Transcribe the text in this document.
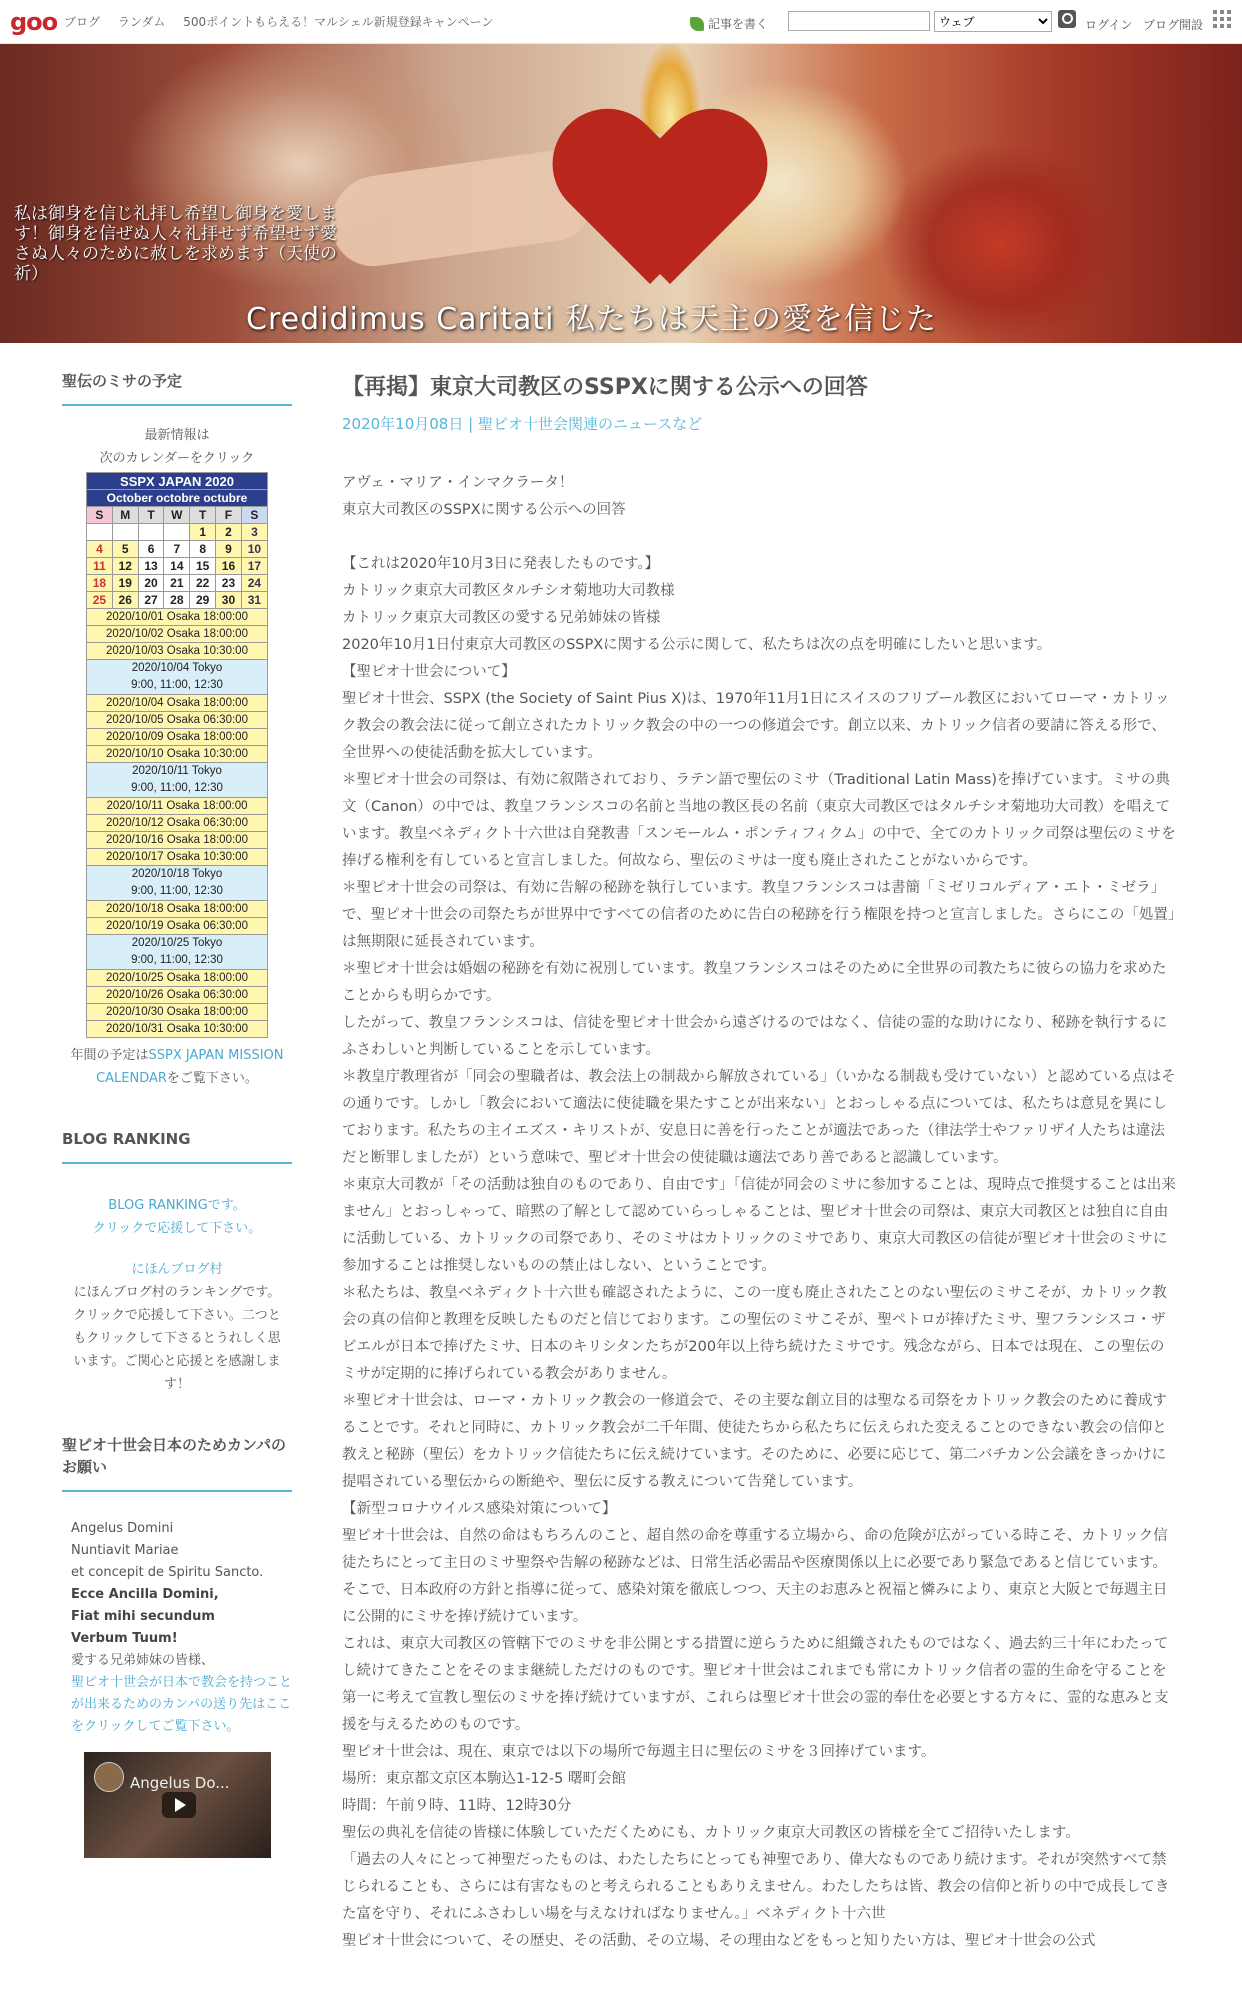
goo ブログ ランダム 500ポイントもらえる！マルシェル新規登録キャンペーン	記事を書く
ウェブ	ログイン ブログ開設
私は御身を信じ礼拝し希望し御身を愛します！御身を信ぜぬ人々礼拝せず希望せず愛さぬ人々のために赦しを求めます（天使の祈）
Credidimus Caritati 私たちは天主の愛を信じた
聖伝のミサの予定
最新情報は
次のカレンダーをクリック
SSPX JAPAN 2020						
October octobre octubre						
S	M	T	W	T	F	S
				1	2	3
4	5	6	7	8	9	10
11	12	13	14	15	16	17
18	19	20	21	22	23	24
25	26	27	28	29	30	31
2020/10/01 Osaka 18:00:00						
2020/10/02 Osaka 18:00:00						
2020/10/03 Osaka 10:30:00						

2020/10/04 Tokyo
9:00, 11:00, 12:30						

2020/10/04 Osaka 18:00:00						
2020/10/05 Osaka 06:30:00						
2020/10/09 Osaka 18:00:00						
2020/10/10 Osaka 10:30:00						

2020/10/11 Tokyo
9:00, 11:00, 12:30						

2020/10/11 Osaka 18:00:00						
2020/10/12 Osaka 06:30:00						
2020/10/16 Osaka 18:00:00						
2020/10/17 Osaka 10:30:00						

2020/10/18 Tokyo
9:00, 11:00, 12:30						

2020/10/18 Osaka 18:00:00						
2020/10/19 Osaka 06:30:00						

2020/10/25 Tokyo
9:00, 11:00, 12:30						

2020/10/25 Osaka 18:00:00						
2020/10/26 Osaka 06:30:00						
2020/10/30 Osaka 18:00:00						
2020/10/31 Osaka 10:30:00						
年間の予定はSSPX JAPAN MISSION CALENDARをご覧下さい。
BLOG RANKING
BLOG RANKINGです。
クリックで応援して下さい。
にほんブログ村
にほんブログ村のランキングです。クリックで応援して下さい。二つともクリックして下さるとうれしく思います。ご関心と応援とを感謝します！
聖ピオ十世会日本のためカンパのお願い
Angelus Domini
Nuntiavit Mariae
et concepit de Spiritu Sancto.
Ecce Ancilla Domini,
Fiat mihi secundum
Verbum Tuum!
愛する兄弟姉妹の皆様、
聖ピオ十世会が日本で教会を持つことが出来るためのカンパの送り先はここをクリックしてご覧下さい。
Angelus Do...
【再掲】東京大司教区のSSPXに関する公示への回答
2020年10月08日 | 聖ピオ十世会関連のニュースなど

アヴェ・マリア・インマクラータ！

東京大司教区のSSPXに関する公示への回答

【これは2020年10月3日に発表したものです。】

カトリック東京大司教区タルチシオ菊地功大司教様

カトリック東京大司教区の愛する兄弟姉妹の皆様

2020年10月1日付東京大司教区のSSPXに関する公示に関して、私たちは次の点を明確にしたいと思います。

【聖ピオ十世会について】

聖ピオ十世会、SSPX (the Society of Saint Pius X)は、1970年11月1日にスイスのフリブール教区においてローマ・カトリック教会の教会法に従って創立されたカトリック教会の中の一つの修道会です。創立以来、カトリック信者の要請に答える形で、全世界への使徒活動を拡大しています。

＊聖ピオ十世会の司祭は、有効に叙階されており、ラテン語で聖伝のミサ（Traditional Latin Mass)を捧げています。ミサの典文（Canon）の中では、教皇フランシスコの名前と当地の教区長の名前（東京大司教区ではタルチシオ菊地功大司教）を唱えています。教皇ベネディクト十六世は自発教書「スンモールム・ポンティフィクム」の中で、全てのカトリック司祭は聖伝のミサを捧げる権利を有していると宣言しました。何故なら、聖伝のミサは一度も廃止されたことがないからです。

＊聖ピオ十世会の司祭は、有効に告解の秘跡を執行しています。教皇フランシスコは書簡「ミゼリコルディア・エト・ミゼラ」で、聖ピオ十世会の司祭たちが世界中ですべての信者のために告白の秘跡を行う権限を持つと宣言しました。さらにこの「処置」は無期限に延長されています。

＊聖ピオ十世会は婚姻の秘跡を有効に祝別しています。教皇フランシスコはそのために全世界の司教たちに彼らの協力を求めたことからも明らかです。

したがって、教皇フランシスコは、信徒を聖ピオ十世会から遠ざけるのではなく、信徒の霊的な助けになり、秘跡を執行するにふさわしいと判断していることを示しています。

＊教皇庁教理省が「同会の聖職者は、教会法上の制裁から解放されている」（いかなる制裁も受けていない）と認めている点はその通りです。しかし「教会において適法に使徒職を果たすことが出来ない」とおっしゃる点については、私たちは意見を異にしております。私たちの主イエズス・キリストが、安息日に善を行ったことが適法であった（律法学士やファリザイ人たちは違法だと断罪しましたが）という意味で、聖ピオ十世会の使徒職は適法であり善であると認識しています。

＊東京大司教が「その活動は独自のものであり、自由です」「信徒が同会のミサに参加することは、現時点で推奨することは出来ません」とおっしゃって、暗黙の了解として認めていらっしゃることは、聖ピオ十世会の司祭は、東京大司教区とは独自に自由に活動している、カトリックの司祭であり、そのミサはカトリックのミサであり、東京大司教区の信徒が聖ピオ十世会のミサに参加することは推奨しないものの禁止はしない、ということです。

＊私たちは、教皇ベネディクト十六世も確認されたように、この一度も廃止されたことのない聖伝のミサこそが、カトリック教会の真の信仰と教理を反映したものだと信じております。この聖伝のミサこそが、聖ペトロが捧げたミサ、聖フランシスコ・ザビエルが日本で捧げたミサ、日本のキリシタンたちが200年以上待ち続けたミサです。残念ながら、日本では現在、この聖伝のミサが定期的に捧げられている教会がありません。

＊聖ピオ十世会は、ローマ・カトリック教会の一修道会で、その主要な創立目的は聖なる司祭をカトリック教会のために養成することです。それと同時に、カトリック教会が二千年間、使徒たちから私たちに伝えられた変えることのできない教会の信仰と教えと秘跡（聖伝）をカトリック信徒たちに伝え続けています。そのために、必要に応じて、第二バチカン公会議をきっかけに提唱されている聖伝からの断絶や、聖伝に反する教えについて告発しています。

【新型コロナウイルス感染対策について】

聖ピオ十世会は、自然の命はもちろんのこと、超自然の命を尊重する立場から、命の危険が広がっている時こそ、カトリック信徒たちにとって主日のミサ聖祭や告解の秘跡などは、日常生活必需品や医療関係以上に必要であり緊急であると信じています。そこで、日本政府の方針と指導に従って、感染対策を徹底しつつ、天主のお恵みと祝福と憐みにより、東京と大阪とで毎週主日に公開的にミサを捧げ続けています。

これは、東京大司教区の管轄下でのミサを非公開とする措置に逆らうために組織されたものではなく、過去約三十年にわたってし続けてきたことをそのまま継続しただけのものです。聖ピオ十世会はこれまでも常にカトリック信者の霊的生命を守ることを第一に考えて宣教し聖伝のミサを捧げ続けていますが、これらは聖ピオ十世会の霊的奉仕を必要とする方々に、霊的な恵みと支援を与えるためのものです。

聖ピオ十世会は、現在、東京では以下の場所で毎週主日に聖伝のミサを３回捧げています。

場所：東京都文京区本駒込1-12-5 曙町会館

時間：午前９時、11時、12時30分

聖伝の典礼を信徒の皆様に体験していただくためにも、カトリック東京大司教区の皆様を全てご招待いたします。

「過去の人々にとって神聖だったものは、わたしたちにとっても神聖であり、偉大なものであり続けます。それが突然すべて禁じられることも、さらには有害なものと考えられることもありえません。わたしたちは皆、教会の信仰と祈りの中で成長してきた富を守り、それにふさわしい場を与えなければなりません。」ベネディクト十六世

聖ピオ十世会について、その歴史、その活動、その立場、その理由などをもっと知りたい方は、聖ピオ十世会の公式
